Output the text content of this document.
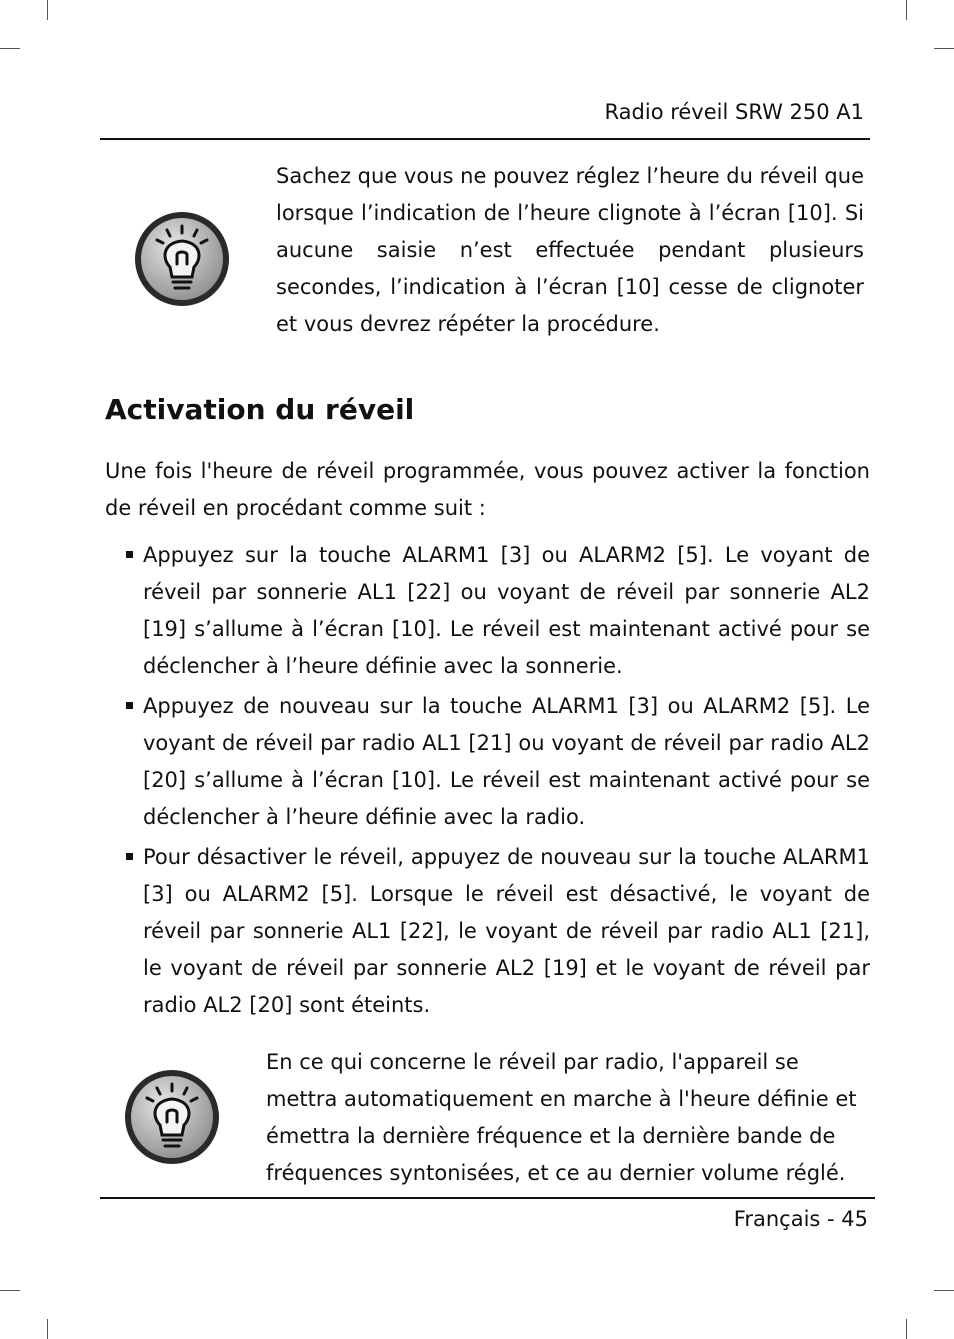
Radio réveil SRW 250 A1
Sachez que vous ne pouvez réglez l’heure du réveil que lorsque l’indication de l’heure clignote à l’écran [10]. Si aucune saisie n’est effectuée pendant plusieurs secondes, l’indication à l’écran [10] cesse de clignoter et vous devrez répéter la procédure.
Activation du réveil

Une fois l'heure de réveil programmée, vous pouvez activer la fonction de réveil en procédant comme suit :

Appuyez sur la touche ALARM1 [3] ou ALARM2 [5]. Le voyant de réveil par sonnerie AL1 [22] ou voyant de réveil par sonnerie AL2 [19] s’allume à l’écran [10]. Le réveil est maintenant activé pour se déclencher à l’heure définie avec la sonnerie.
Appuyez de nouveau sur la touche ALARM1 [3] ou ALARM2 [5]. Le voyant de réveil par radio AL1 [21] ou voyant de réveil par radio AL2 [20] s’allume à l’écran [10]. Le réveil est maintenant activé pour se déclencher à l’heure définie avec la radio.
Pour désactiver le réveil, appuyez de nouveau sur la touche ALARM1 [3] ou ALARM2 [5]. Lorsque le réveil est désactivé, le voyant de réveil par sonnerie AL1 [22], le voyant de réveil par radio AL1 [21], le voyant de réveil par sonnerie AL2 [19] et le voyant de réveil par radio AL2 [20] sont éteints.
En ce qui concerne le réveil par radio, l'appareil se mettra automatiquement en marche à l'heure définie et émettra la dernière fréquence et la dernière bande de fréquences syntonisées, et ce au dernier volume réglé.
Français - 45
